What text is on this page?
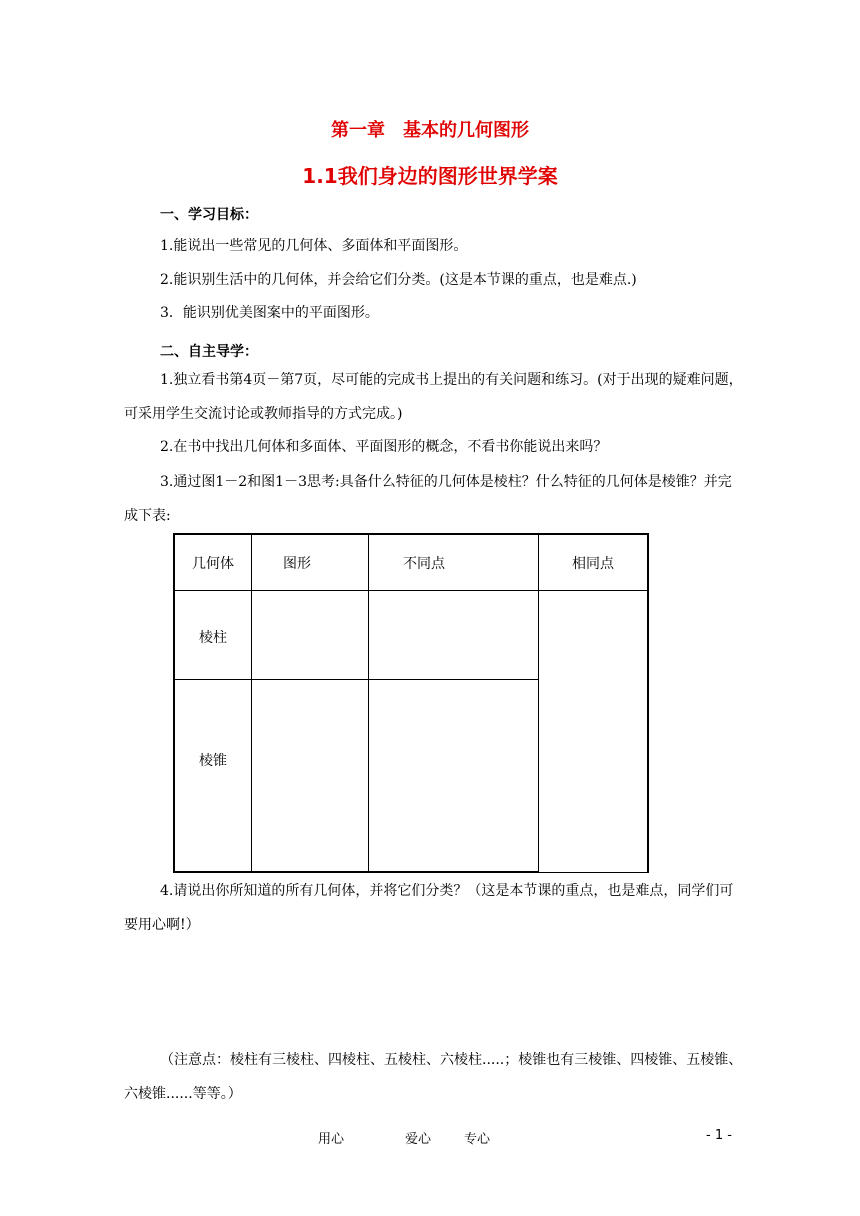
第一章　基本的几何图形
1.1我们身边的图形世界学案
一、学习目标：
1.能说出一些常见的几何体、多面体和平面图形。
2.能识别生活中的几何体，并会给它们分类。(这是本节课的重点，也是难点.)
3．能识别优美图案中的平面图形。
二、自主导学：
1.独立看书第4页－第7页，尽可能的完成书上提出的有关问题和练习。(对于出现的疑难问题，可采用学生交流讨论或教师指导的方式完成。)
2.在书中找出几何体和多面体、平面图形的概念，不看书你能说出来吗？
3.通过图1－2和图1－3思考:具备什么特征的几何体是棱柱？什么特征的几何体是棱锥？并完成下表:
几何体	图形	不同点	相同点
棱柱
棱锥
4.请说出你所知道的所有几何体，并将它们分类？（这是本节课的重点，也是难点，同学们可要用心啊!）
（注意点：棱柱有三棱柱、四棱柱、五棱柱、六棱柱.....；棱锥也有三棱锥、四棱锥、五棱锥、六棱锥......等等。）
用心	爱心	专心	- 1 -
